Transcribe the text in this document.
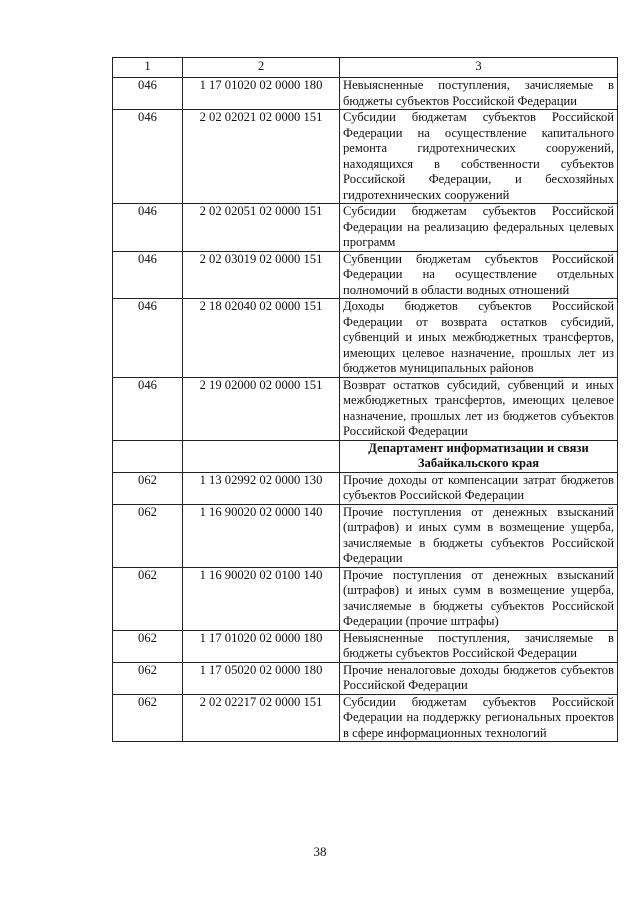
1	2	3
046	1 17 01020 02 0000 180	Невыясненные поступления, зачисляемые в бюджеты субъектов Российской Федерации
046	2 02 02021 02 0000 151	Субсидии бюджетам субъектов Российской Федерации на осуществление капитального ремонта гидротехнических сооружений, находящихся в собственности субъектов Российской Федерации, и бесхозяйных гидротехнических сооружений
046	2 02 02051 02 0000 151	Субсидии бюджетам субъектов Российской Федерации на реализацию федеральных целевых программ
046	2 02 03019 02 0000 151	Субвенции бюджетам субъектов Российской Федерации на осуществление отдельных полномочий в области водных отношений
046	2 18 02040 02 0000 151	Доходы бюджетов субъектов Российской Федерации от возврата остатков субсидий, субвенций и иных межбюджетных трансфертов, имеющих целевое назначение, прошлых лет из бюджетов муниципальных районов
046	2 19 02000 02 0000 151	Возврат остатков субсидий, субвенций и иных межбюджетных трансфертов, имеющих целевое назначение, прошлых лет из бюджетов субъектов Российской Федерации
		Департамент информатизации и связи Забайкальского края
062	1 13 02992 02 0000 130	Прочие доходы от компенсации затрат бюджетов субъектов Российской Федерации
062	1 16 90020 02 0000 140	Прочие поступления от денежных взысканий (штрафов) и иных сумм в возмещение ущерба, зачисляемые в бюджеты субъектов Российской Федерации
062	1 16 90020 02 0100 140	Прочие поступления от денежных взысканий (штрафов) и иных сумм в возмещение ущерба, зачисляемые в бюджеты субъектов Российской Федерации (прочие штрафы)
062	1 17 01020 02 0000 180	Невыясненные поступления, зачисляемые в бюджеты субъектов Российской Федерации
062	1 17 05020 02 0000 180	Прочие неналоговые доходы бюджетов субъектов Российской Федерации
062	2 02 02217 02 0000 151	Субсидии бюджетам субъектов Российской Федерации на поддержку региональных проектов в сфере информационных технологий
38
